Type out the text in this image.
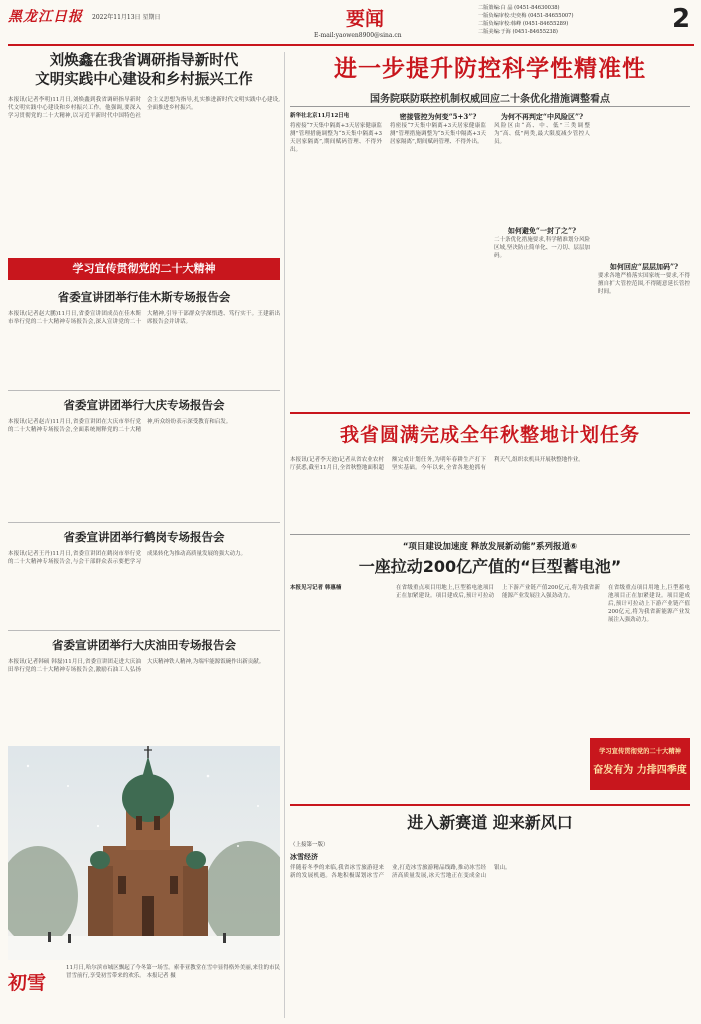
黑龙江日报 2022年11月13日 星期日	要闻
E-mail:yaowen8900@sina.cn
二版策编:白 晶 (0451-84630038)
一版负编审校:史奕梅 (0451-84655007)
二版负编审校:韩峰 (0451-84655289)
二版美编:于海 (0451-84655238)	2
刘焕鑫在我省调研指导新时代
文明实践中心建设和乡村振兴工作
本报讯(记者李明)11月日,刘焕鑫到我省调研指导新时代文明实践中心建设和乡村振兴工作。他强调,要深入学习贯彻党的二十大精神,以习近平新时代中国特色社会主义思想为指导,扎实推进新时代文明实践中心建设,全面推进乡村振兴。
学习宣传贯彻党的二十大精神
省委宣讲团举行佳木斯专场报告会
本报讯(记者赵大鹏)11月日,省委宣讲团成员在佳木斯市举行党的二十大精神专场报告会,深入宣讲党的二十大精神,引导干部群众学深悟透、笃行实干。王建新出席报告会并讲话。
省委宣讲团举行大庆专场报告会
本报讯(记者赵吉)11月日,省委宣讲团在大庆市举行党的二十大精神专场报告会,全面系统阐释党的二十大精神,听众纷纷表示深受教育和启发。
省委宣讲团举行鹤岗专场报告会
本报讯(记者王丹)11月日,省委宣讲团在鹤岗市举行党的二十大精神专场报告会,与会干部群众表示要把学习成果转化为推动高质量发展的强大动力。
省委宣讲团举行大庆油田专场报告会
本报讯(记者韩硕 韩磊)11月日,省委宣讲团走进大庆油田举行党的二十大精神专场报告会,激励石油工人弘扬大庆精神铁人精神,为端牢能源饭碗作出新贡献。
初雪
11月日,哈尔滨市城区飘起了今冬第一场雪。索菲亚教堂在雪中显得格外美丽,来往的市民冒雪前行,享受初雪带来的欢乐。 本报记者 摄
进一步提升防控科学性精准性
国务院联防联控机制权威回应二十条优化措施调整看点
新华社北京11月12日电
将密接“7天集中隔离+3天居家健康监测”管理措施调整为“5天集中隔离+3天居家隔离”,期间赋码管理、不得外出。
密接管控为何变“5+3”?
将密接“7天集中隔离+3天居家健康监测”管理措施调整为“5天集中隔离+3天居家隔离”,期间赋码管理、不得外出。
为何不再判定“中风险区”?
风险区由“高、中、低”三类调整为“高、低”两类,最大限度减少管控人员。
如何避免“一封了之”?
二十条优化措施要求,科学精准划分风险区域,坚决防止简单化、一刀切、层层加码。
如何回应“层层加码”?
要求各地严格落实国家统一要求,不得擅自扩大管控范围,不得随意延长管控时间。
我省圆满完成全年秋整地计划任务
本报讯(记者李天池)记者从省农业农村厅获悉,截至11月日,全省秋整地面积超额完成计划任务,为明年春耕生产打下坚实基础。今年以来,全省各地抢抓有利天气,组织农机具开展秋整地作业。
“项目建设加速度 释放发展新动能”系列报道⑥
一座拉动200亿产值的“巨型蓄电池”
本报见习记者 韩惠楠	在省级重点项目用地上,巨型蓄电池项目正在加紧建设。项目建成后,预计可拉动上下游产业链产值200亿元,将为我省新能源产业发展注入强劲动力。
在省级重点项目用地上,巨型蓄电池项目正在加紧建设。项目建成后,预计可拉动上下游产业链产值200亿元,将为我省新能源产业发展注入强劲动力。
学习宣传贯彻党的二十大精神
奋发有为 力排四季度
进入新赛道 迎来新风口
（上接第一版）
冰雪经济
伴随着冬季的来临,我省冰雪旅游迎来新的发展机遇。各地积极谋划冰雪产业,打造冰雪旅游精品线路,推动冰雪经济高质量发展,冰天雪地正在变成金山银山。
